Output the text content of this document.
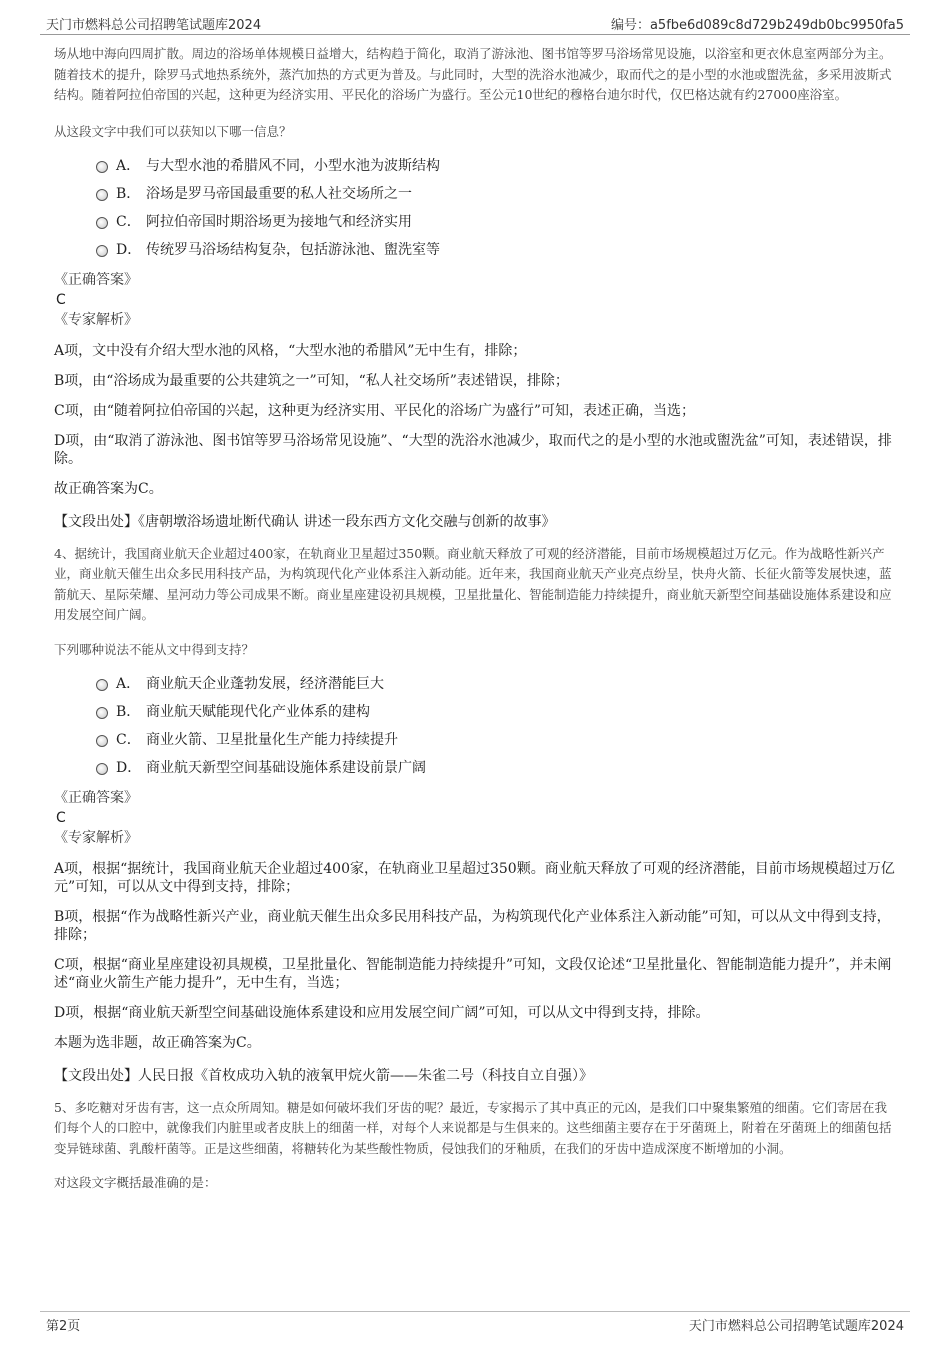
天门市燃料总公司招聘笔试题库2024	编号：a5fbe6d089c8d729b249db0bc9950fa5

场从地中海向四周扩散。周边的浴场单体规模日益增大，结构趋于简化，取消了游泳池、图书馆等罗马浴场常见设施，以浴室和更衣休息室两部分为主。随着技术的提升，除罗马式地热系统外，蒸汽加热的方式更为普及。与此同时，大型的洗浴水池减少，取而代之的是小型的水池或盥洗盆，多采用波斯式结构。随着阿拉伯帝国的兴起，这种更为经济实用、平民化的浴场广为盛行。至公元10世纪的穆格台迪尔时代，仅巴格达就有约27000座浴室。

从这段文字中我们可以获知以下哪一信息？

A． 与大型水池的希腊风不同，小型水池为波斯结构
B． 浴场是罗马帝国最重要的私人社交场所之一
C． 阿拉伯帝国时期浴场更为接地气和经济实用
D． 传统罗马浴场结构复杂，包括游泳池、盥洗室等

《正确答案》

C

《专家解析》

A项，文中没有介绍大型水池的风格，“大型水池的希腊风”无中生有，排除；

B项，由“浴场成为最重要的公共建筑之一”可知，“私人社交场所”表述错误，排除；

C项，由“随着阿拉伯帝国的兴起，这种更为经济实用、平民化的浴场广为盛行”可知，表述正确，当选；

D项，由“取消了游泳池、图书馆等罗马浴场常见设施”、“大型的洗浴水池减少，取而代之的是小型的水池或盥洗盆”可知，表述错误，排除。

故正确答案为C。

【文段出处】《唐朝墩浴场遗址断代确认 讲述一段东西方文化交融与创新的故事》

4、据统计，我国商业航天企业超过400家，在轨商业卫星超过350颗。商业航天释放了可观的经济潜能，目前市场规模超过万亿元。作为战略性新兴产业，商业航天催生出众多民用科技产品，为构筑现代化产业体系注入新动能。近年来，我国商业航天产业亮点纷呈，快舟火箭、长征火箭等发展快速，蓝箭航天、星际荣耀、星河动力等公司成果不断。商业星座建设初具规模，卫星批量化、智能制造能力持续提升，商业航天新型空间基础设施体系建设和应用发展空间广阔。

下列哪种说法不能从文中得到支持？

A． 商业航天企业蓬勃发展，经济潜能巨大
B． 商业航天赋能现代化产业体系的建构
C． 商业火箭、卫星批量化生产能力持续提升
D． 商业航天新型空间基础设施体系建设前景广阔

《正确答案》

C

《专家解析》

A项，根据“据统计，我国商业航天企业超过400家，在轨商业卫星超过350颗。商业航天释放了可观的经济潜能，目前市场规模超过万亿元”可知，可以从文中得到支持，排除；

B项，根据“作为战略性新兴产业，商业航天催生出众多民用科技产品，为构筑现代化产业体系注入新动能”可知，可以从文中得到支持，排除；

C项，根据“商业星座建设初具规模，卫星批量化、智能制造能力持续提升”可知，文段仅论述“卫星批量化、智能制造能力提升”，并未阐述“商业火箭生产能力提升”，无中生有，当选；

D项，根据“商业航天新型空间基础设施体系建设和应用发展空间广阔”可知，可以从文中得到支持，排除。

本题为选非题，故正确答案为C。

【文段出处】人民日报《首枚成功入轨的液氧甲烷火箭——朱雀二号（科技自立自强）》

5、多吃糖对牙齿有害，这一点众所周知。糖是如何破坏我们牙齿的呢？最近，专家揭示了其中真正的元凶，是我们口中聚集繁殖的细菌。它们寄居在我们每个人的口腔中，就像我们内脏里或者皮肤上的细菌一样，对每个人来说都是与生俱来的。这些细菌主要存在于牙菌斑上，附着在牙菌斑上的细菌包括变异链球菌、乳酸杆菌等。正是这些细菌，将糖转化为某些酸性物质，侵蚀我们的牙釉质，在我们的牙齿中造成深度不断增加的小洞。

对这段文字概括最准确的是：

第2页	天门市燃料总公司招聘笔试题库2024
